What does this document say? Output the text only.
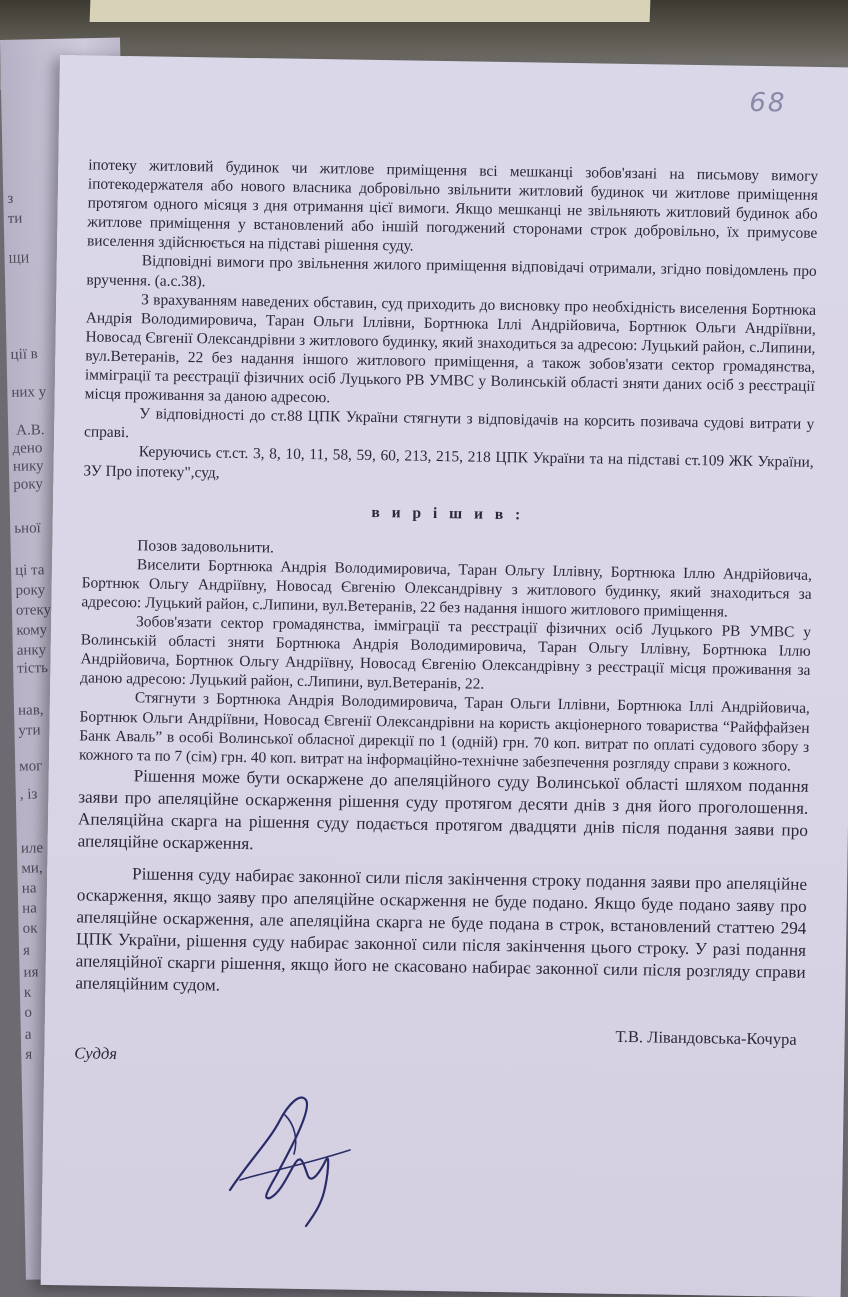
з
ти
ЩИ
ції в
них у
А.В.
дено
нику
року
ьної
ці та
року
отеку
кому
анку
тість
нав,
ути
мог
, із
иле
ми,
на
на
ок
я
ия
к
о
а
я
68

іпотеку житловий будинок чи житлове приміщення всі мешканці зобов'язані на письмову вимогу іпотекодержателя або нового власника добровільно звільнити житловий будинок чи житлове приміщення протягом одного місяця з дня отримання цієї вимоги. Якщо мешканці не звільняють житловий будинок або житлове приміщення у встановлений або іншій погоджений сторонами строк добровільно, їх примусове виселення здійснюється на підставі рішення суду.

Відповідні вимоги про звільнення жилого приміщення відповідачі отримали, згідно повідомлень про вручення. (а.с.38).

З врахуванням наведених обставин, суд приходить до висновку про необхідність виселення Бортнюка Андрія Володимировича, Таран Ольги Іллівни, Бортнюка Іллі Андрійовича, Бортнюк Ольги Андріївни, Новосад Євгенії Олександрівни з житлового будинку, який знаходиться за адресою: Луцький район, с.Липини, вул.Ветеранів, 22 без надання іншого житлового приміщення, а також зобов'язати сектор громадянства, імміграції та реєстрації фізичних осіб Луцького РВ УМВС у Волинській області зняти даних осіб з реєстрації місця проживання за даною адресою.

У відповідності до ст.88 ЦПК України стягнути з відповідачів на корсить позивача судові витрати у справі.

Керуючись ст.ст. 3, 8, 10, 11, 58, 59, 60, 213, 215, 218 ЦПК України та на підставі ст.109 ЖК України, ЗУ Про іпотеку",суд,

в и р і ш и в :

Позов задовольнити.

Виселити Бортнюка Андрія Володимировича, Таран Ольгу Іллівну, Бортнюка Іллю Андрійовича, Бортнюк Ольгу Андріївну, Новосад Євгенію Олександрівну з житлового будинку, який знаходиться за адресою: Луцький район, с.Липини, вул.Ветеранів, 22 без надання іншого житлового приміщення.

Зобов'язати сектор громадянства, імміграції та реєстрації фізичних осіб Луцького РВ УМВС у Волинській області зняти Бортнюка Андрія Володимировича, Таран Ольгу Іллівну, Бортнюка Іллю Андрійовича, Бортнюк Ольгу Андріївну, Новосад Євгенію Олександрівну з реєстрації місця проживання за даною адресою: Луцький район, с.Липини, вул.Ветеранів, 22.

Стягнути з Бортнюка Андрія Володимировича, Таран Ольги Іллівни, Бортнюка Іллі Андрійовича, Бортнюк Ольги Андріївни, Новосад Євгенії Олександрівни на користь акціонерного товариства “Райффайзен Банк Аваль” в особі Волинської обласної дирекції по 1 (одній) грн. 70 коп. витрат по оплаті судового збору з кожного та по 7 (сім) грн. 40 коп. витрат на інформаційно-технічне забезпечення розгляду справи з кожного.

Рішення може бути оскаржене до апеляційного суду Волинської області шляхом подання заяви про апеляційне оскарження рішення суду протягом десяти днів з дня його проголошення. Апеляційна скарга на рішення суду подається протягом двадцяти днів після подання заяви про апеляційне оскарження.

Рішення суду набирає законної сили після закінчення строку подання заяви про апеляційне оскарження, якщо заяву про апеляційне оскарження не буде подано. Якщо буде подано заяву про апеляційне оскарження, але апеляційна скарга не буде подана в строк, встановлений статтею 294 ЦПК України, рішення суду набирає законної сили після закінчення цього строку. У разі подання апеляційної скарги рішення, якщо його не скасовано набирає законної сили після розгляду справи апеляційним судом.

Т.В. Лівандовська-Кочура
Суддя
